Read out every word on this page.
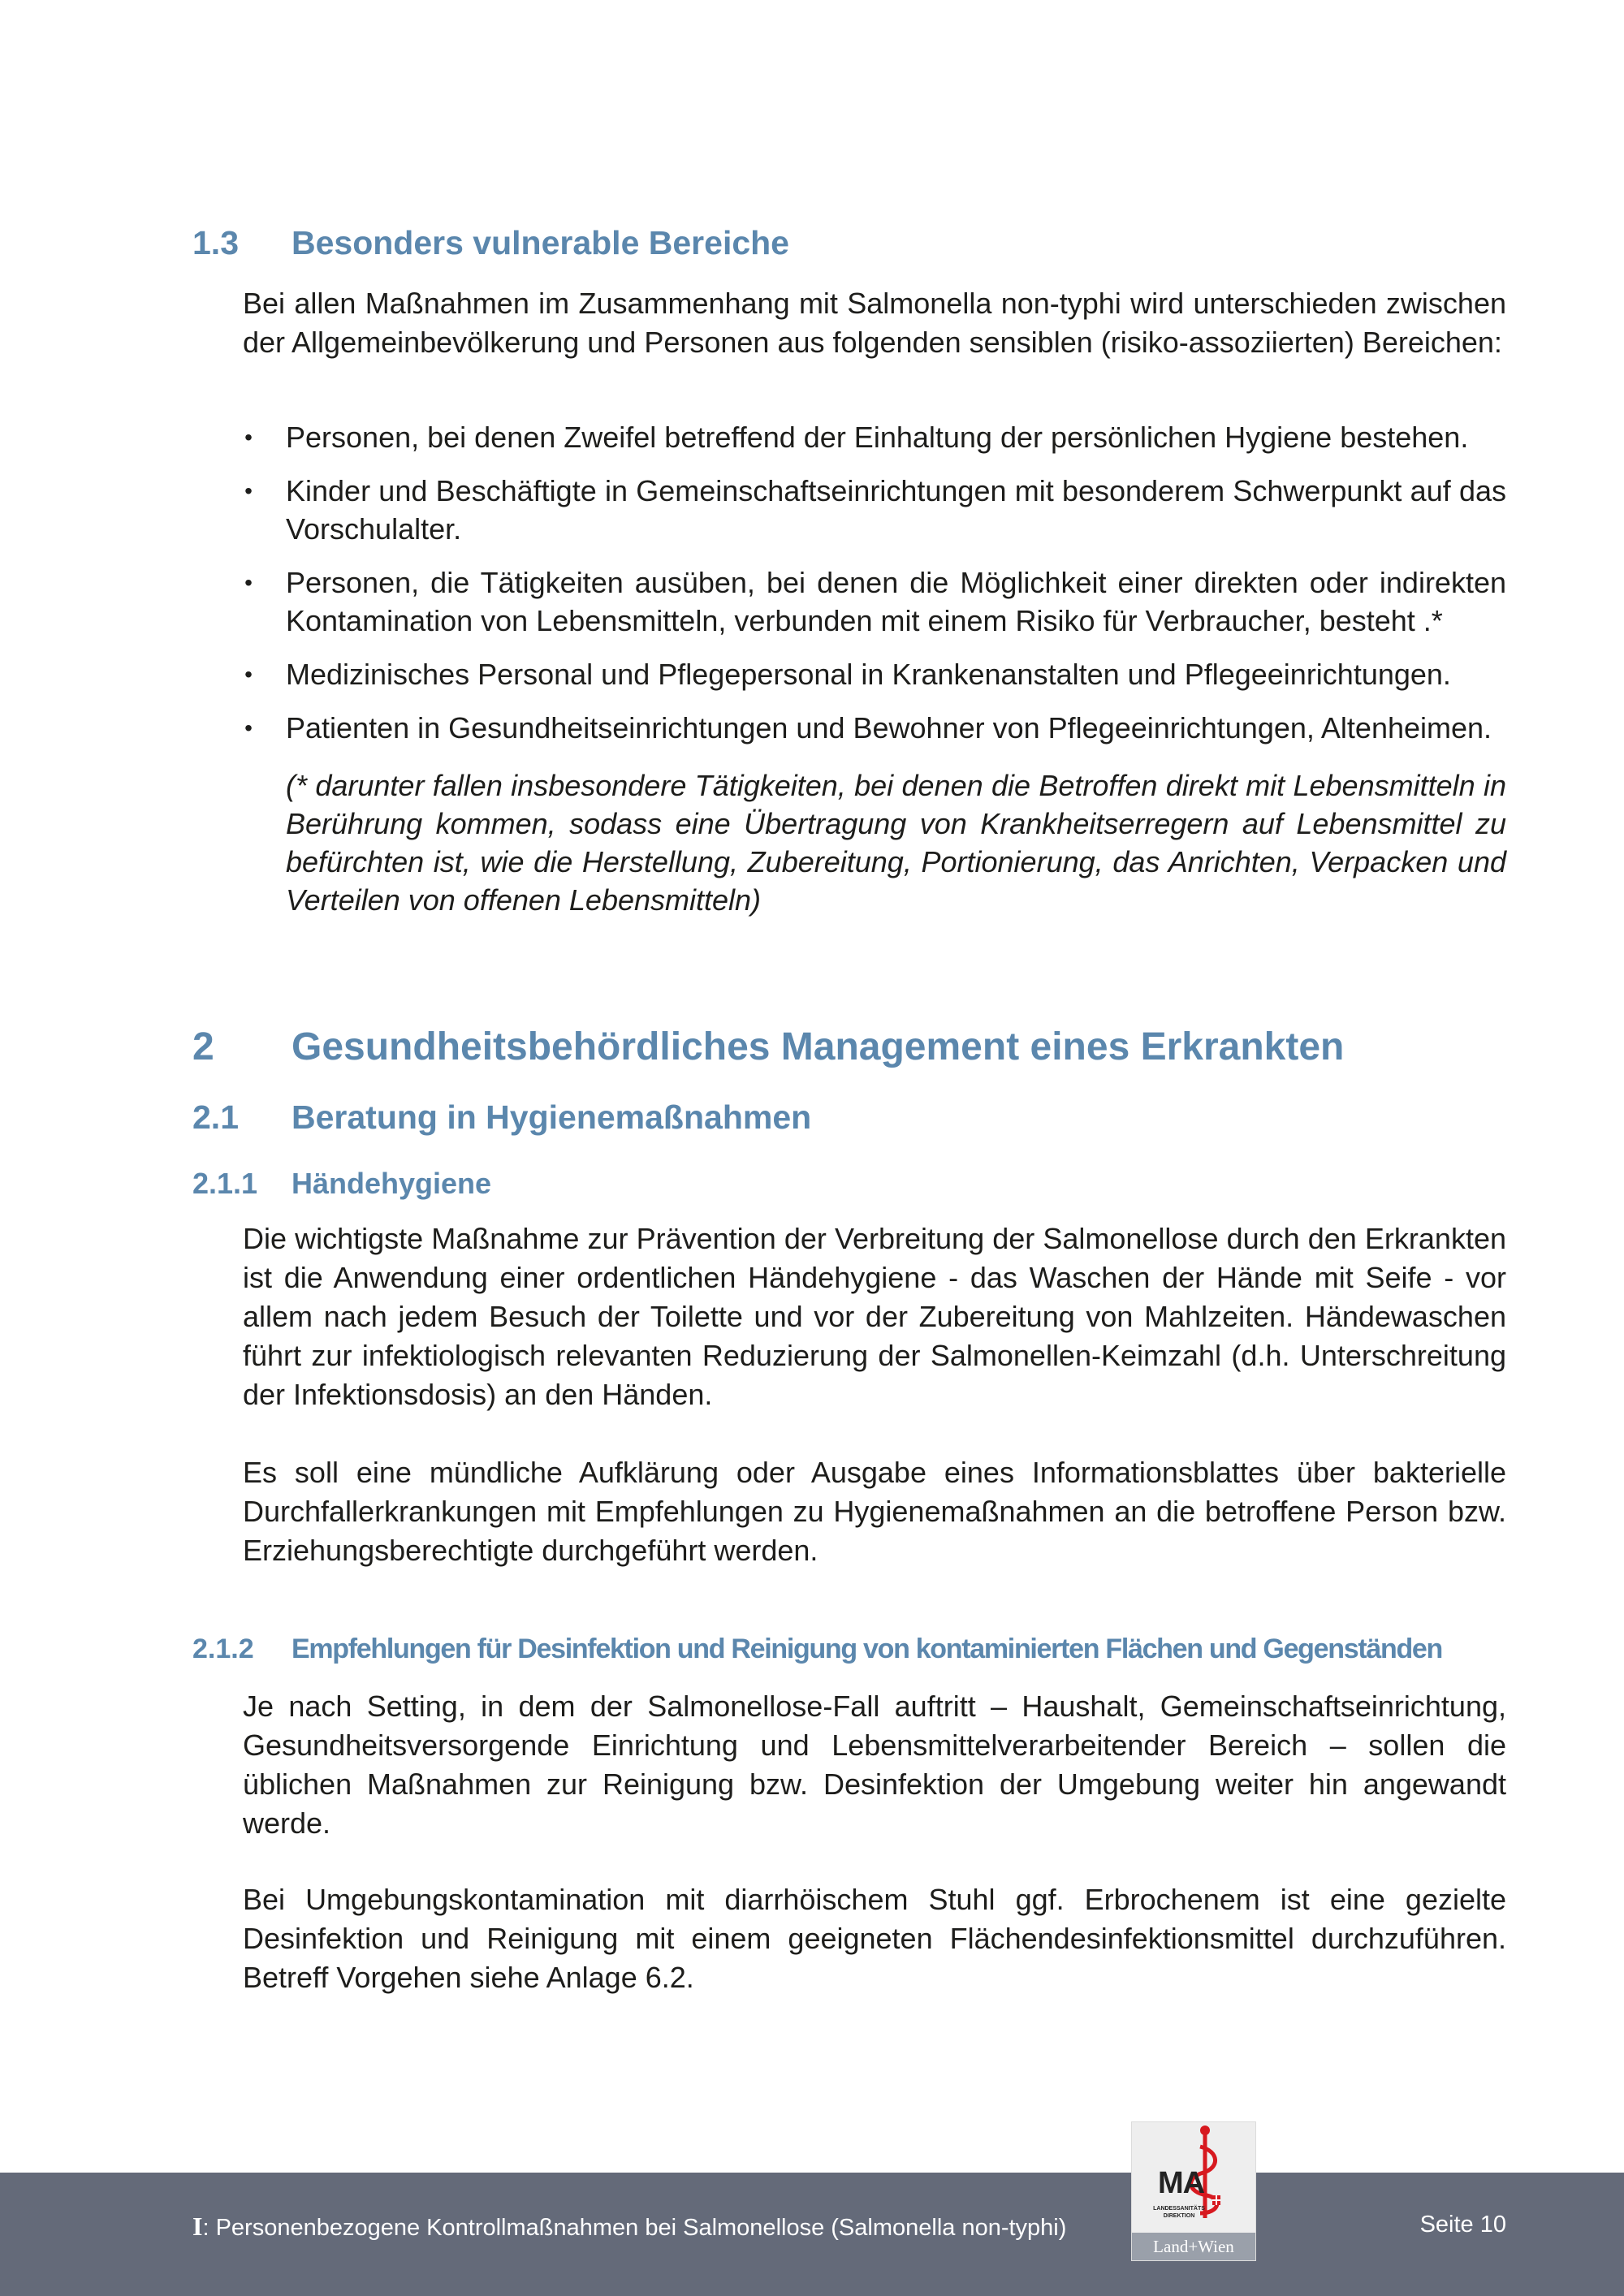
1.3 Besonders vulnerable Bereiche

Bei allen Maßnahmen im Zusammenhang mit Salmonella non-typhi wird unterschieden zwischen der Allgemeinbevölkerung und Personen aus folgenden sensiblen (risiko-assoziierten) Bereichen:

• Personen, bei denen Zweifel betreffend der Einhaltung der persönlichen Hygiene bestehen.
• Kinder und Beschäftigte in Gemeinschaftseinrichtungen mit besonderem Schwerpunkt auf das Vorschulalter.
• Personen, die Tätigkeiten ausüben, bei denen die Möglichkeit einer direkten oder indirekten Kontamination von Lebensmitteln, verbunden mit einem Risiko für Verbraucher, besteht .*
• Medizinisches Personal und Pflegepersonal in Krankenanstalten und Pflegeeinrichtungen.
• Patienten in Gesundheitseinrichtungen und Bewohner von Pflegeeinrichtungen, Altenheimen.

(* darunter fallen insbesondere Tätigkeiten, bei denen die Betroffen direkt mit Lebensmitteln in Berührung kommen, sodass eine Übertragung von Krankheitserregern auf Lebensmittel zu befürchten ist, wie die Herstellung, Zubereitung, Portionierung, das Anrichten, Verpacken und Verteilen von offenen Lebensmitteln)

2 Gesundheitsbehördliches Management eines Erkrankten
2.1 Beratung in Hygienemaßnahmen
2.1.1 Händehygiene

Die wichtigste Maßnahme zur Prävention der Verbreitung der Salmonellose durch den Erkrankten ist die Anwendung einer ordentlichen Händehygiene - das Waschen der Hände mit Seife - vor allem nach jedem Besuch der Toilette und vor der Zubereitung von Mahlzeiten. Händewaschen führt zur infektiologisch relevanten Reduzierung der Salmonellen-Keimzahl (d.h. Unterschreitung der Infektionsdosis) an den Händen.

Es soll eine mündliche Aufklärung oder Ausgabe eines Informationsblattes über bakterielle Durchfallerkrankungen mit Empfehlungen zu Hygienemaßnahmen an die betroffene Person bzw. Erziehungsberechtigte durchgeführt werden.

2.1.2 Empfehlungen für Desinfektion und Reinigung von kontaminierten Flächen und Gegenständen

Je nach Setting, in dem der Salmonellose-Fall auftritt – Haushalt, Gemeinschaftseinrichtung, Gesundheitsversorgende Einrichtung und Lebensmittelverarbeitender Bereich – sollen die üblichen Maßnahmen zur Reinigung bzw. Desinfektion der Umgebung weiter hin angewandt werde.

Bei Umgebungskontamination mit diarrhöischem Stuhl ggf. Erbrochenem ist eine gezielte Desinfektion und Reinigung mit einem geeigneten Flächendesinfektionsmittel durchzuführen. Betreff Vorgehen siehe Anlage 6.2.

I: Personenbezogene Kontrollmaßnahmen bei Salmonellose (Salmonella non-typhi)	Seite 10
MA
LANDESSANITÄTS DIREKTION
Land+Wien
